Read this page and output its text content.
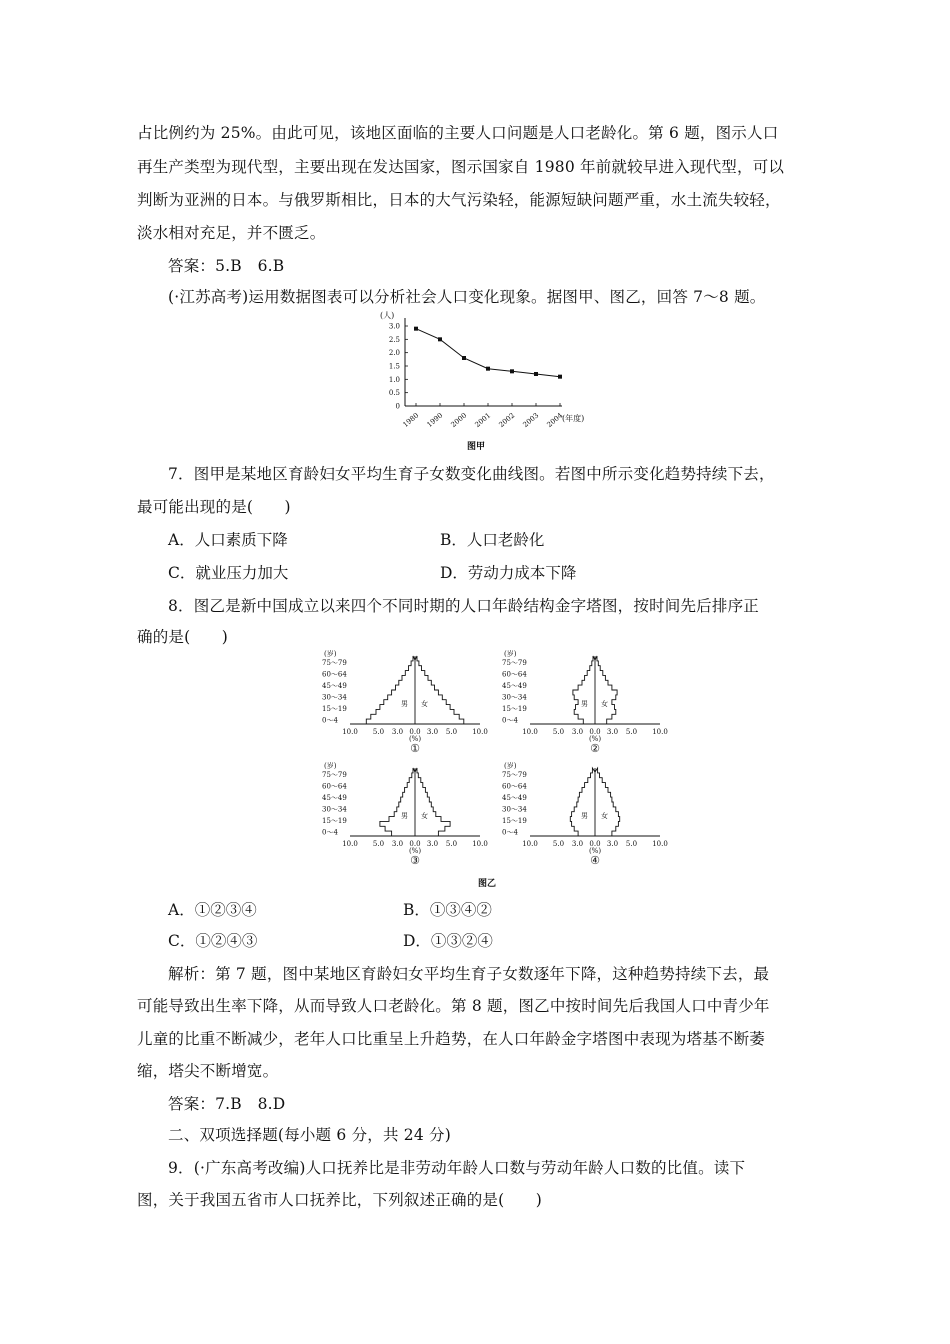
占比例约为 25%。由此可见，该地区面临的主要人口问题是人口老龄化。第 6 题，图示人口
再生产类型为现代型，主要出现在发达国家，图示国家自 1980 年前就较早进入现代型，可以
判断为亚洲的日本。与俄罗斯相比，日本的大气污染轻，能源短缺问题严重，水土流失较轻，
淡水相对充足，并不匮乏。
答案：5.B　6.B
(·江苏高考)运用数据图表可以分析社会人口变化现象。据图甲、图乙，回答 7～8 题。
(人)
3.0
2.5
2.0
1.5
1.0
0.5
0
1980 1990 2000 2001 2002 2003 2004
(年度)
图甲
7．图甲是某地区育龄妇女平均生育子女数变化曲线图。若图中所示变化趋势持续下去，
最可能出现的是(　　)
A．人口素质下降	B．人口老龄化
C．就业压力加大	D．劳动力成本下降
8．图乙是新中国成立以来四个不同时期的人口年龄结构金字塔图，按时间先后排序正
确的是(　　)
(岁)
75～79
60～64
45～49
30～34
15～19
0～4
男 女
10.0 5.0 3.0 0.0 3.0 5.0 10.0
(%)
①
(岁)
75～79
60～64
45～49
30～34
15～19
0～4
男 女
10.0 5.0 3.0 0.0 3.0 5.0 10.0
(%)
②
(岁)
75～79
60～64
45～49
30～34
15～19
0～4
男 女
10.0 5.0 3.0 0.0 3.0 5.0 10.0
(%)
③
(岁)
75～79
60～64
45～49
30～34
15～19
0～4
男 女
10.0 5.0 3.0 0.0 3.0 5.0 10.0
(%)
④
图乙
A．①②③④	B．①③④②
C．①②④③	D．①③②④
解析：第 7 题，图中某地区育龄妇女平均生育子女数逐年下降，这种趋势持续下去，最
可能导致出生率下降，从而导致人口老龄化。第 8 题，图乙中按时间先后我国人口中青少年
儿童的比重不断减少，老年人口比重呈上升趋势，在人口年龄金字塔图中表现为塔基不断萎
缩，塔尖不断增宽。
答案：7.B　8.D
二、双项选择题(每小题 6 分，共 24 分)
9．(·广东高考改编)人口抚养比是非劳动年龄人口数与劳动年龄人口数的比值。读下
图，关于我国五省市人口抚养比，下列叙述正确的是(　　)
